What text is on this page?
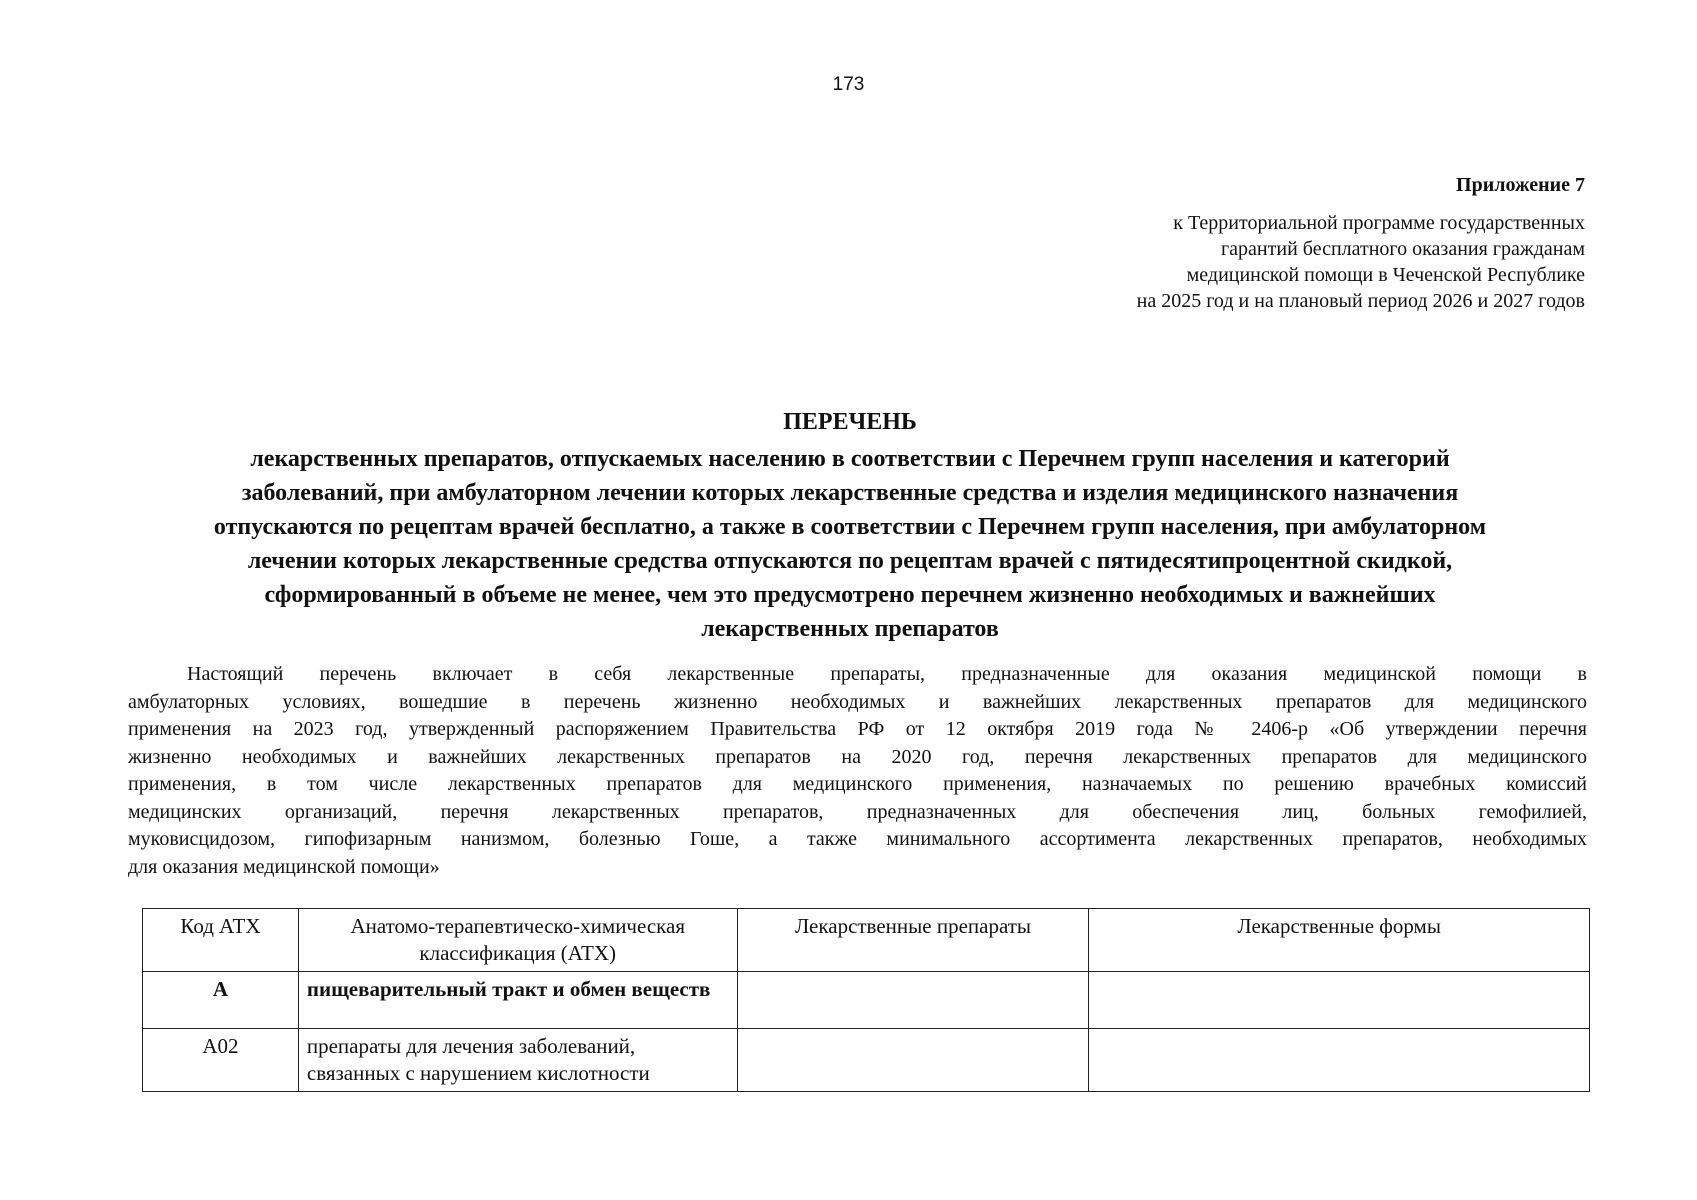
173
Приложение 7
к Территориальной программе государственных
гарантий бесплатного оказания гражданам
медицинской помощи в Чеченской Республике
на 2025 год и на плановый период 2026 и 2027 годов
ПЕРЕЧЕНЬ
лекарственных препаратов, отпускаемых населению в соответствии с Перечнем групп населения и категорий
заболеваний, при амбулаторном лечении которых лекарственные средства и изделия медицинского назначения
отпускаются по рецептам врачей бесплатно, а также в соответствии с Перечнем групп населения, при амбулаторном
лечении которых лекарственные средства отпускаются по рецептам врачей с пятидесятипроцентной скидкой,
сформированный в объеме не менее, чем это предусмотрено перечнем жизненно необходимых и важнейших
лекарственных препаратов
Настоящий перечень включает в себя лекарственные препараты, предназначенные для оказания медицинской помощи в
амбулаторных условиях, вошедшие в перечень жизненно необходимых и важнейших лекарственных препаратов для медицинского
применения на 2023 год, утвержденный распоряжением Правительства РФ от 12 октября 2019 года № 2406-р «Об утверждении перечня
жизненно необходимых и важнейших лекарственных препаратов на 2020 год, перечня лекарственных препаратов для медицинского
применения, в том числе лекарственных препаратов для медицинского применения, назначаемых по решению врачебных комиссий
медицинских организаций, перечня лекарственных препаратов, предназначенных для обеспечения лиц, больных гемофилией,
муковисцидозом, гипофизарным нанизмом, болезнью Гоше, а также минимального ассортимента лекарственных препаратов, необходимых
для оказания медицинской помощи»
Код АТХ	Анатомо-терапевтическо-химическая классификация (АТХ)	Лекарственные препараты	Лекарственные формы
А	пищеварительный тракт и обмен веществ		
А02	препараты для лечения заболеваний, связанных с нарушением кислотности		
